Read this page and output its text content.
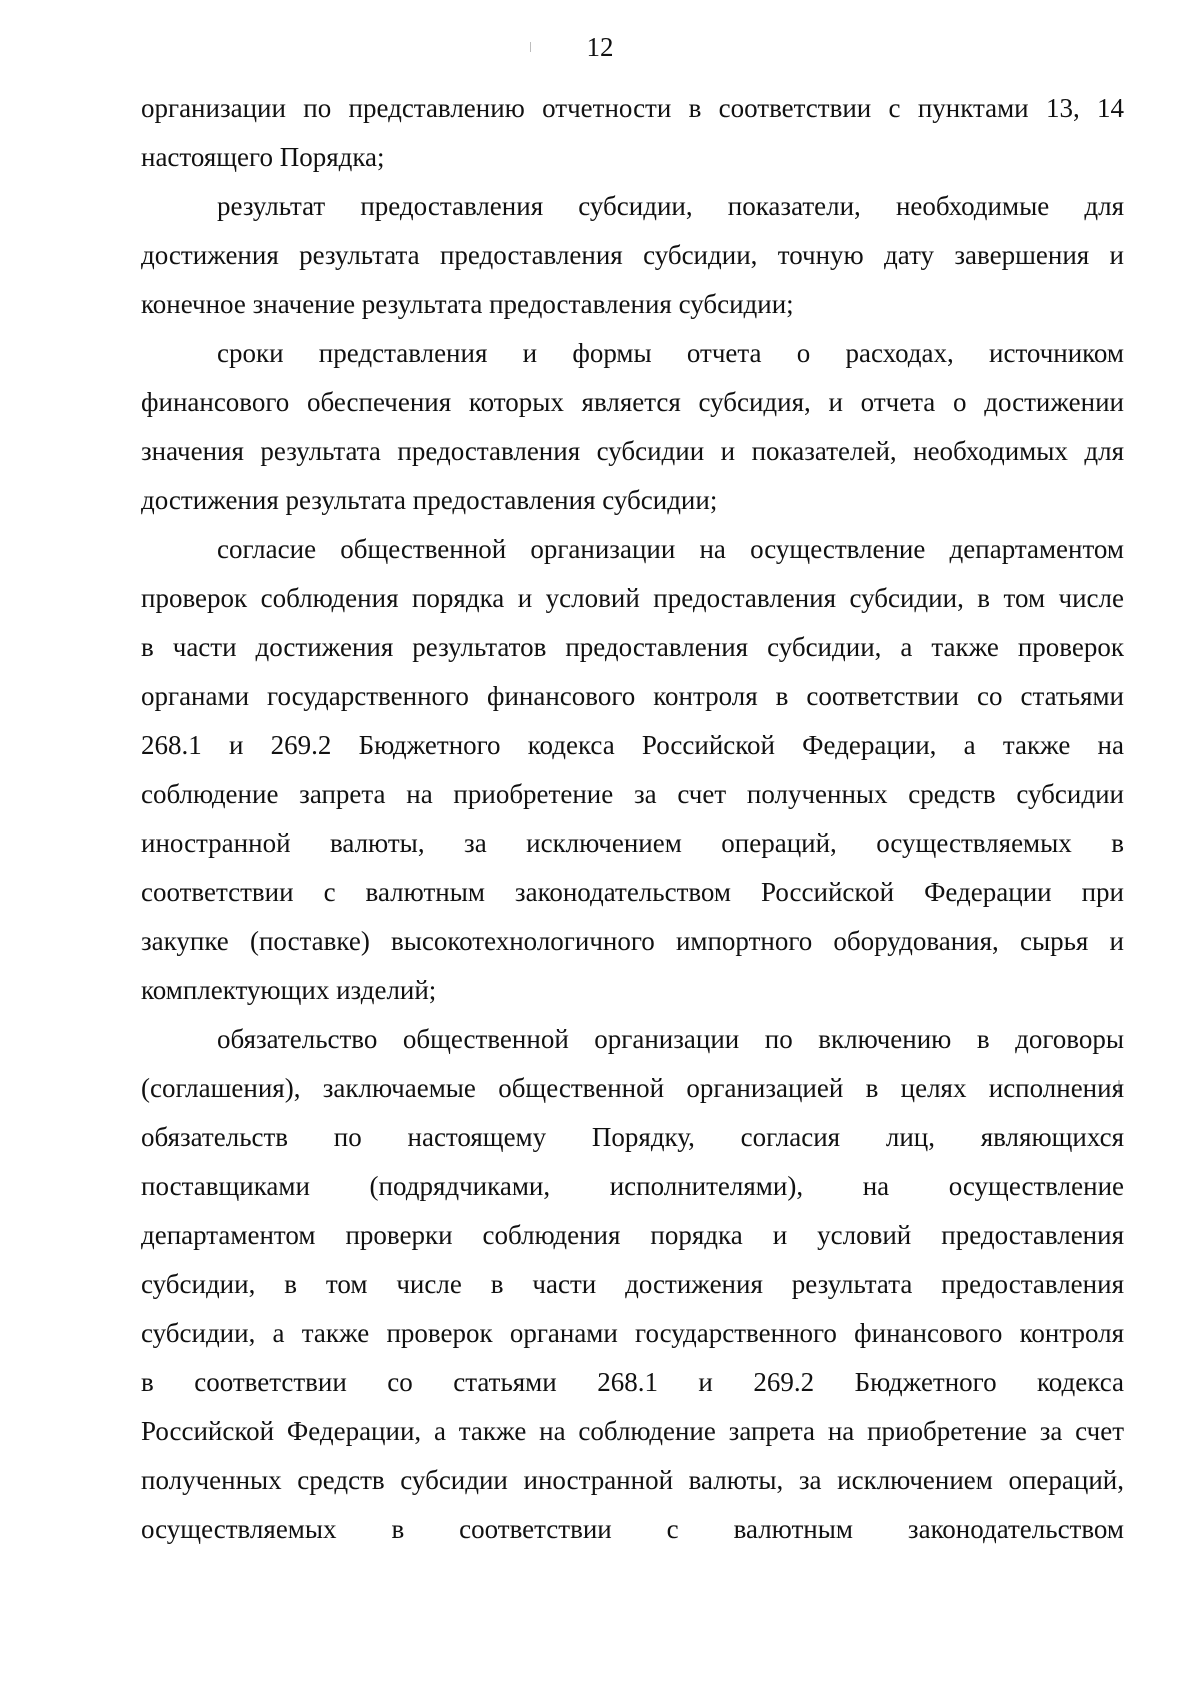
12
организации по представлению отчетности в соответствии с пунктами 13, 14
настоящего Порядка;
результат предоставления субсидии, показатели, необходимые для
достижения результата предоставления субсидии, точную дату завершения и
конечное значение результата предоставления субсидии;
сроки представления и формы отчета о расходах, источником
финансового обеспечения которых является субсидия, и отчета о достижении
значения результата предоставления субсидии и показателей, необходимых для
достижения результата предоставления субсидии;
согласие общественной организации на осуществление департаментом
проверок соблюдения порядка и условий предоставления субсидии, в том числе
в части достижения результатов предоставления субсидии, а также проверок
органами государственного финансового контроля в соответствии со статьями
268.1 и 269.2 Бюджетного кодекса Российской Федерации, а также на
соблюдение запрета на приобретение за счет полученных средств субсидии
иностранной валюты, за исключением операций, осуществляемых в
соответствии с валютным законодательством Российской Федерации при
закупке (поставке) высокотехнологичного импортного оборудования, сырья и
комплектующих изделий;
обязательство общественной организации по включению в договоры
(соглашения), заключаемые общественной организацией в целях исполнения
обязательств по настоящему Порядку, согласия лиц, являющихся
поставщиками (подрядчиками, исполнителями), на осуществление
департаментом проверки соблюдения порядка и условий предоставления
субсидии, в том числе в части достижения результата предоставления
субсидии, а также проверок органами государственного финансового контроля
в соответствии со статьями 268.1 и 269.2 Бюджетного кодекса
Российской Федерации, а также на соблюдение запрета на приобретение за счет
полученных средств субсидии иностранной валюты, за исключением операций,
осуществляемых в соответствии с валютным законодательством
